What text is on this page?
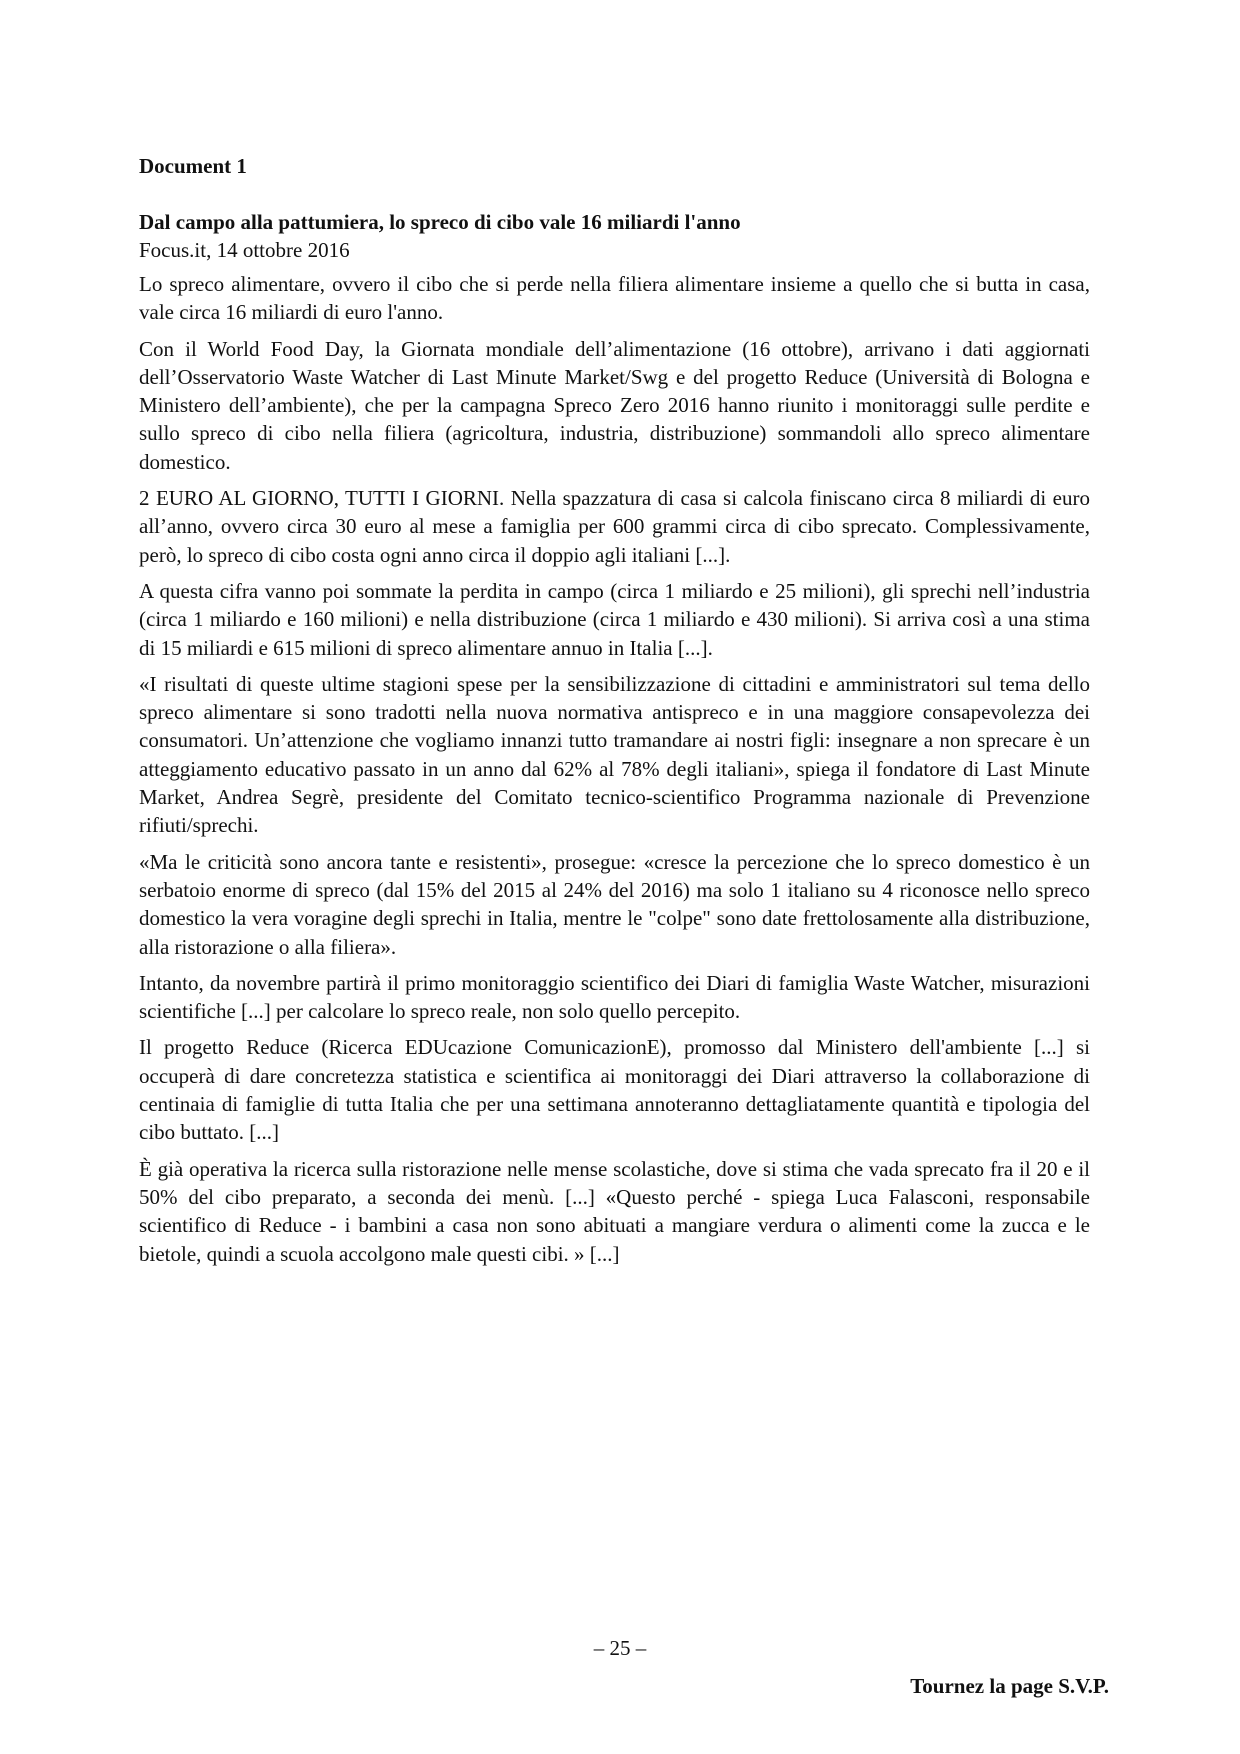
Document 1

Dal campo alla pattumiera, lo spreco di cibo vale 16 miliardi l'anno

Focus.it, 14 ottobre 2016

Lo spreco alimentare, ovvero il cibo che si perde nella filiera alimentare insieme a quello che si butta in casa, vale circa 16 miliardi di euro l'anno.

Con il World Food Day, la Giornata mondiale dell’alimentazione (16 ottobre), arrivano i dati aggiornati dell’Osservatorio Waste Watcher di Last Minute Market/Swg e del progetto Reduce (Università di Bologna e Ministero dell’ambiente), che per la campagna Spreco Zero 2016 hanno riunito i monitoraggi sulle perdite e sullo spreco di cibo nella filiera (agricoltura, industria, distribuzione) sommandoli allo spreco alimentare domestico.

2 EURO AL GIORNO, TUTTI I GIORNI. Nella spazzatura di casa si calcola finiscano circa 8 miliardi di euro all’anno, ovvero circa 30 euro al mese a famiglia per 600 grammi circa di cibo sprecato. Complessivamente, però, lo spreco di cibo costa ogni anno circa il doppio agli italiani [...].

A questa cifra vanno poi sommate la perdita in campo (circa 1 miliardo e 25 milioni), gli sprechi nell’industria (circa 1 miliardo e 160 milioni) e nella distribuzione (circa 1 miliardo e 430 milioni). Si arriva così a una stima di 15 miliardi e 615 milioni di spreco alimentare annuo in Italia [...].

«I risultati di queste ultime stagioni spese per la sensibilizzazione di cittadini e amministratori sul tema dello spreco alimentare si sono tradotti nella nuova normativa antispreco e in una maggiore consapevolezza dei consumatori. Un’attenzione che vogliamo innanzi tutto tramandare ai nostri figli: insegnare a non sprecare è un atteggiamento educativo passato in un anno dal 62% al 78% degli italiani», spiega il fondatore di Last Minute Market, Andrea Segrè, presidente del Comitato tecnico-scientifico Programma nazionale di Prevenzione rifiuti/sprechi.

«Ma le criticità sono ancora tante e resistenti», prosegue: «cresce la percezione che lo spreco domestico è un serbatoio enorme di spreco (dal 15% del 2015 al 24% del 2016) ma solo 1 italiano su 4 riconosce nello spreco domestico la vera voragine degli sprechi in Italia, mentre le "colpe" sono date frettolosamente alla distribuzione, alla ristorazione o alla filiera».

Intanto, da novembre partirà il primo monitoraggio scientifico dei Diari di famiglia Waste Watcher, misurazioni scientifiche [...] per calcolare lo spreco reale, non solo quello percepito.

Il progetto Reduce (Ricerca EDUcazione ComunicazionE), promosso dal Ministero dell'ambiente [...] si occuperà di dare concretezza statistica e scientifica ai monitoraggi dei Diari attraverso la collaborazione di centinaia di famiglie di tutta Italia che per una settimana annoteranno dettagliatamente quantità e tipologia del cibo buttato. [...]

È già operativa la ricerca sulla ristorazione nelle mense scolastiche, dove si stima che vada sprecato fra il 20 e il 50% del cibo preparato, a seconda dei menù. [...] «Questo perché - spiega Luca Falasconi, responsabile scientifico di Reduce - i bambini a casa non sono abituati a mangiare verdura o alimenti come la zucca e le bietole, quindi a scuola accolgono male questi cibi. » [...]

– 25 –
Tournez la page S.V.P.
